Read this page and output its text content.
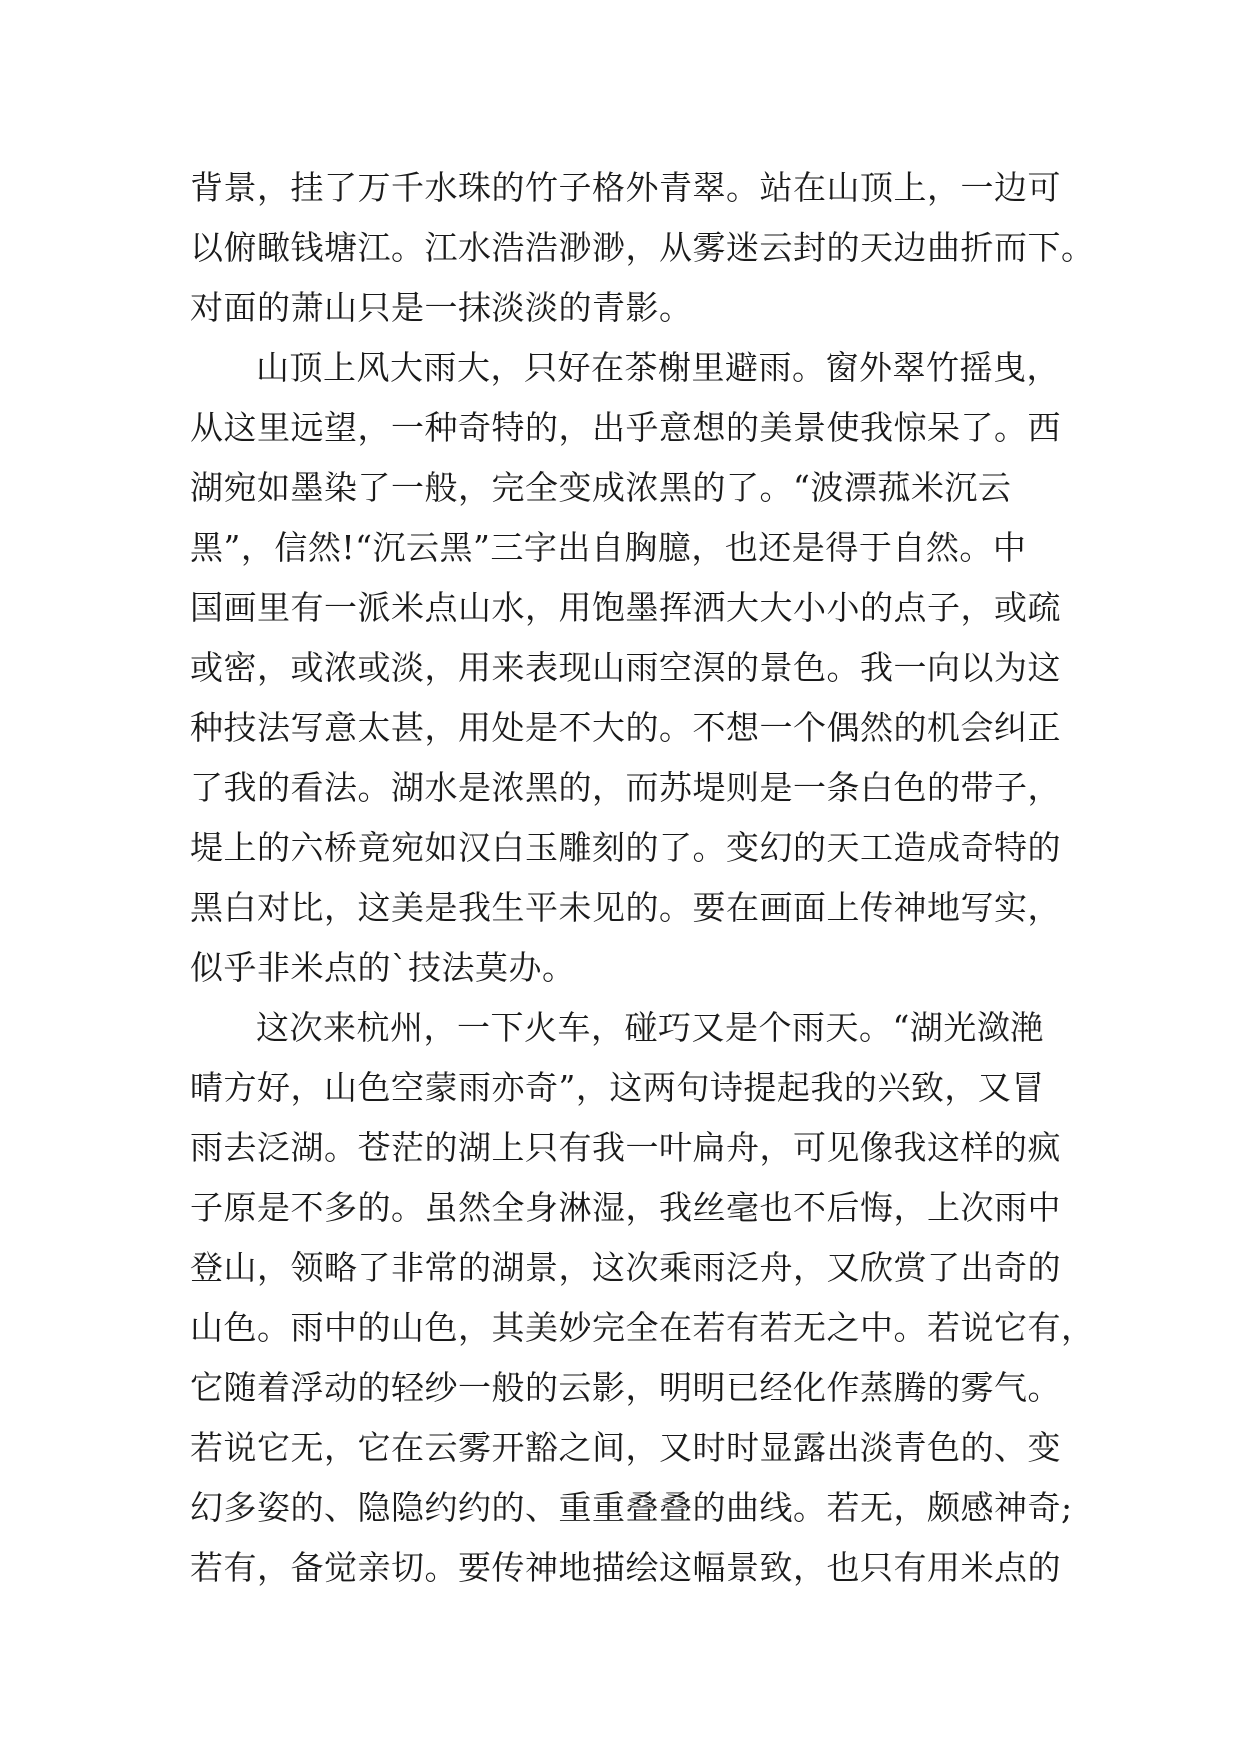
背景，挂了万千水珠的竹子格外青翠。站在山顶上，一边可
以俯瞰钱塘江。江水浩浩渺渺，从雾迷云封的天边曲折而下。
对面的萧山只是一抹淡淡的青影。
山顶上风大雨大，只好在茶榭里避雨。窗外翠竹摇曳，
从这里远望，一种奇特的，出乎意想的美景使我惊呆了。西
湖宛如墨染了一般，完全变成浓黑的了。“波漂菰米沉云
黑”，信然!“沉云黑”三字出自胸臆，也还是得于自然。中
国画里有一派米点山水，用饱墨挥洒大大小小的点子，或疏
或密，或浓或淡，用来表现山雨空溟的景色。我一向以为这
种技法写意太甚，用处是不大的。不想一个偶然的机会纠正
了我的看法。湖水是浓黑的，而苏堤则是一条白色的带子，
堤上的六桥竟宛如汉白玉雕刻的了。变幻的天工造成奇特的
黑白对比，这美是我生平未见的。要在画面上传神地写实，
似乎非米点的`技法莫办。
这次来杭州，一下火车，碰巧又是个雨天。“湖光潋滟
晴方好，山色空蒙雨亦奇”，这两句诗提起我的兴致，又冒
雨去泛湖。苍茫的湖上只有我一叶扁舟，可见像我这样的疯
子原是不多的。虽然全身淋湿，我丝毫也不后悔，上次雨中
登山，领略了非常的湖景，这次乘雨泛舟，又欣赏了出奇的
山色。雨中的山色，其美妙完全在若有若无之中。若说它有，
它随着浮动的轻纱一般的云影，明明已经化作蒸腾的雾气。
若说它无，它在云雾开豁之间，又时时显露出淡青色的、变
幻多姿的、隐隐约约的、重重叠叠的曲线。若无，颇感神奇;
若有，备觉亲切。要传神地描绘这幅景致，也只有用米点的
